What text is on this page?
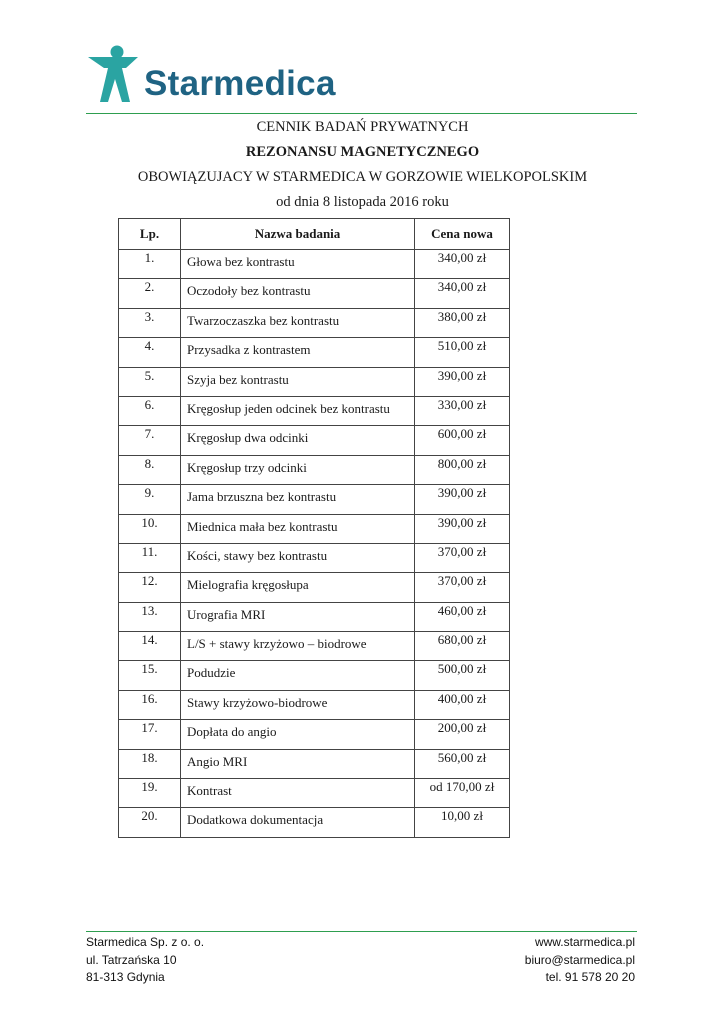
Starmedica
CENNIK BADAŃ PRYWATNYCH
REZONANSU MAGNETYCZNEGO
OBOWIĄZUJACY W STARMEDICA W GORZOWIE WIELKOPOLSKIM
od dnia 8 listopada 2016 roku
Lp.	Nazwa badania	Cena nowa
1.	Głowa bez kontrastu	340,00 zł
2.	Oczodoły bez kontrastu	340,00 zł
3.	Twarzoczaszka bez kontrastu	380,00 zł
4.	Przysadka z kontrastem	510,00 zł
5.	Szyja bez kontrastu	390,00 zł
6.	Kręgosłup jeden odcinek bez kontrastu	330,00 zł
7.	Kręgosłup dwa odcinki	600,00 zł
8.	Kręgosłup trzy odcinki	800,00 zł
9.	Jama brzuszna bez kontrastu	390,00 zł
10.	Miednica mała bez kontrastu	390,00 zł
11.	Kości, stawy bez kontrastu	370,00 zł
12.	Mielografia kręgosłupa	370,00 zł
13.	Urografia MRI	460,00 zł
14.	L/S + stawy krzyżowo – biodrowe	680,00 zł
15.	Podudzie	500,00 zł
16.	Stawy krzyżowo-biodrowe	400,00 zł
17.	Dopłata do angio	200,00 zł
18.	Angio MRI	560,00 zł
19.	Kontrast	od 170,00 zł
20.	Dodatkowa dokumentacja	10,00 zł
Starmedica Sp. z o. o.
ul. Tatrzańska 10
81-313 Gdynia
www.starmedica.pl
biuro@starmedica.pl
tel. 91 578 20 20
